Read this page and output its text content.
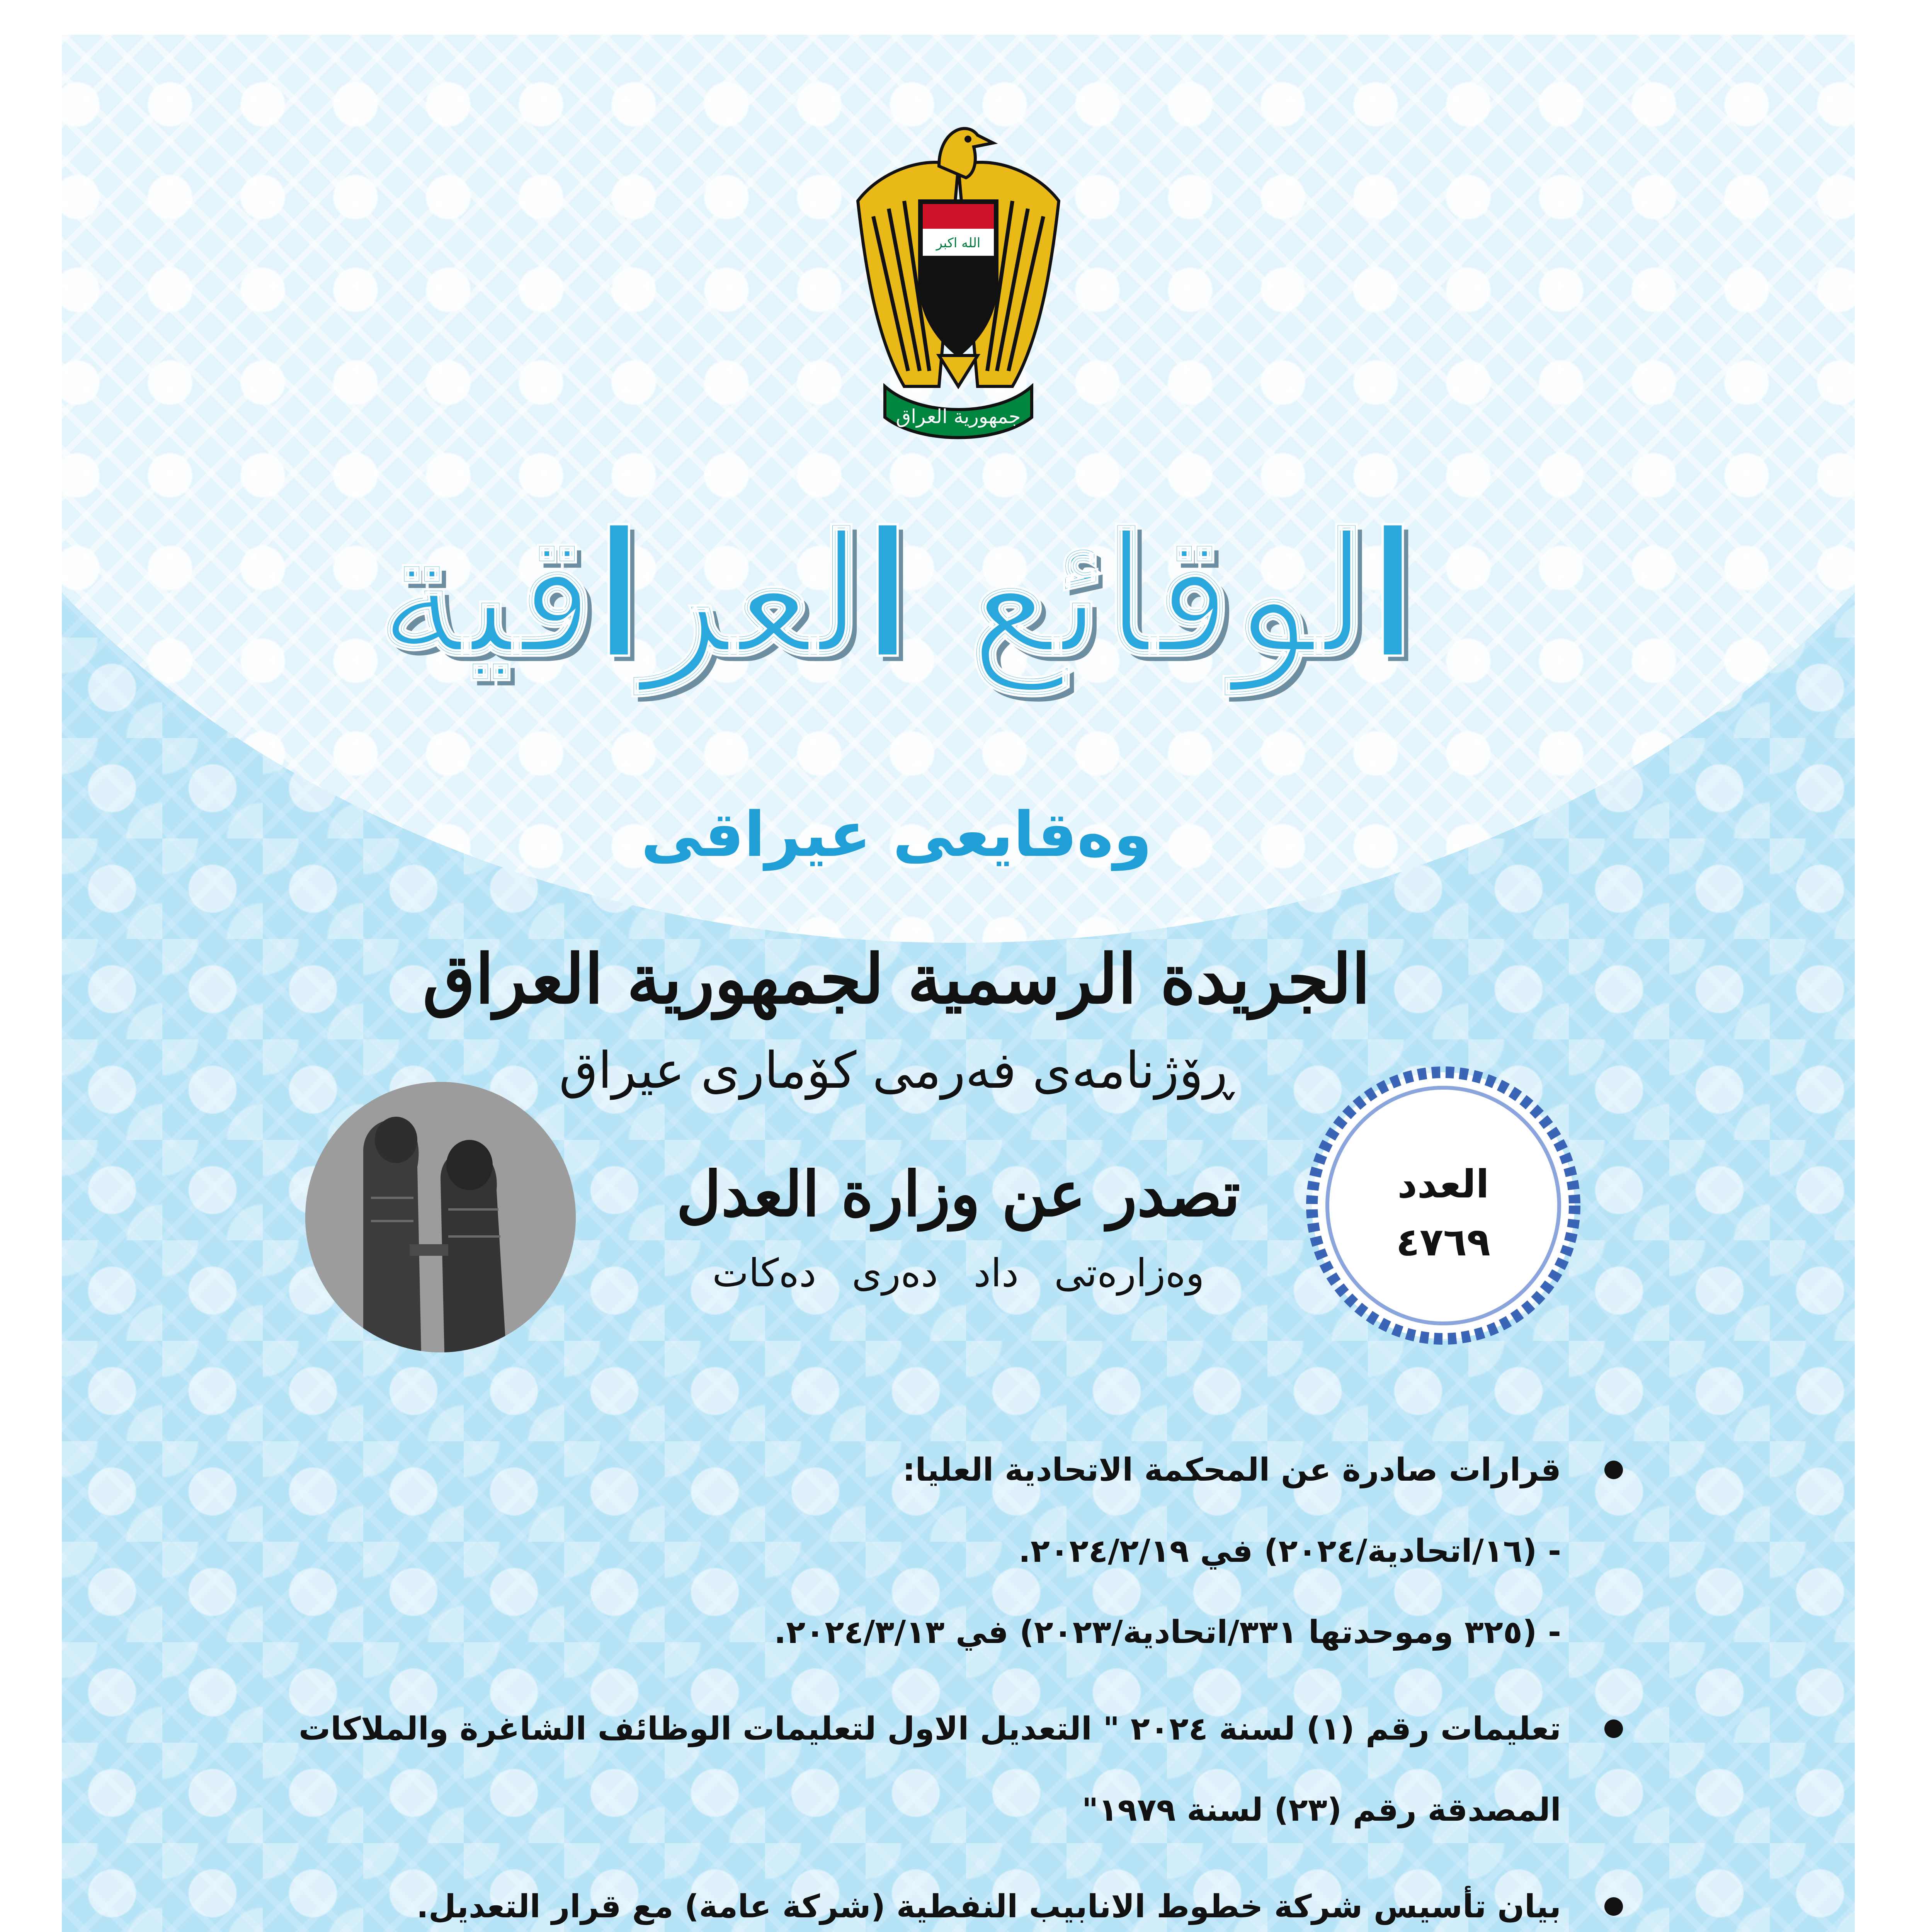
الله اكبر
جمهورية العراق
الوقائع العراقية
وەقایعی عیراقی
الجريدة الرسمية لجمهورية العراق
ڕۆژنامەی فەرمی كۆماری عیراق
العدد
٤٧٦٩
تصدر عن وزارة العدل
وەزارەتی داد دەری دەكات
قرارات صادرة عن المحكمة الاتحادية العليا:
- (١٦/اتحادية/٢٠٢٤) في ٢٠٢٤/٢/١٩.
- (٣٢٥ وموحدتها ٣٣١/اتحادية/٢٠٢٣) في ٢٠٢٤/٣/١٣.
تعليمات رقم (١) لسنة ٢٠٢٤ " التعديل الاول لتعليمات الوظائف الشاغرة والملاكات
المصدقة رقم (٢٣) لسنة ١٩٧٩"
بيان تأسيس شركة خطوط الانابيب النفطية (شركة عامة) مع قرار التعديل.
